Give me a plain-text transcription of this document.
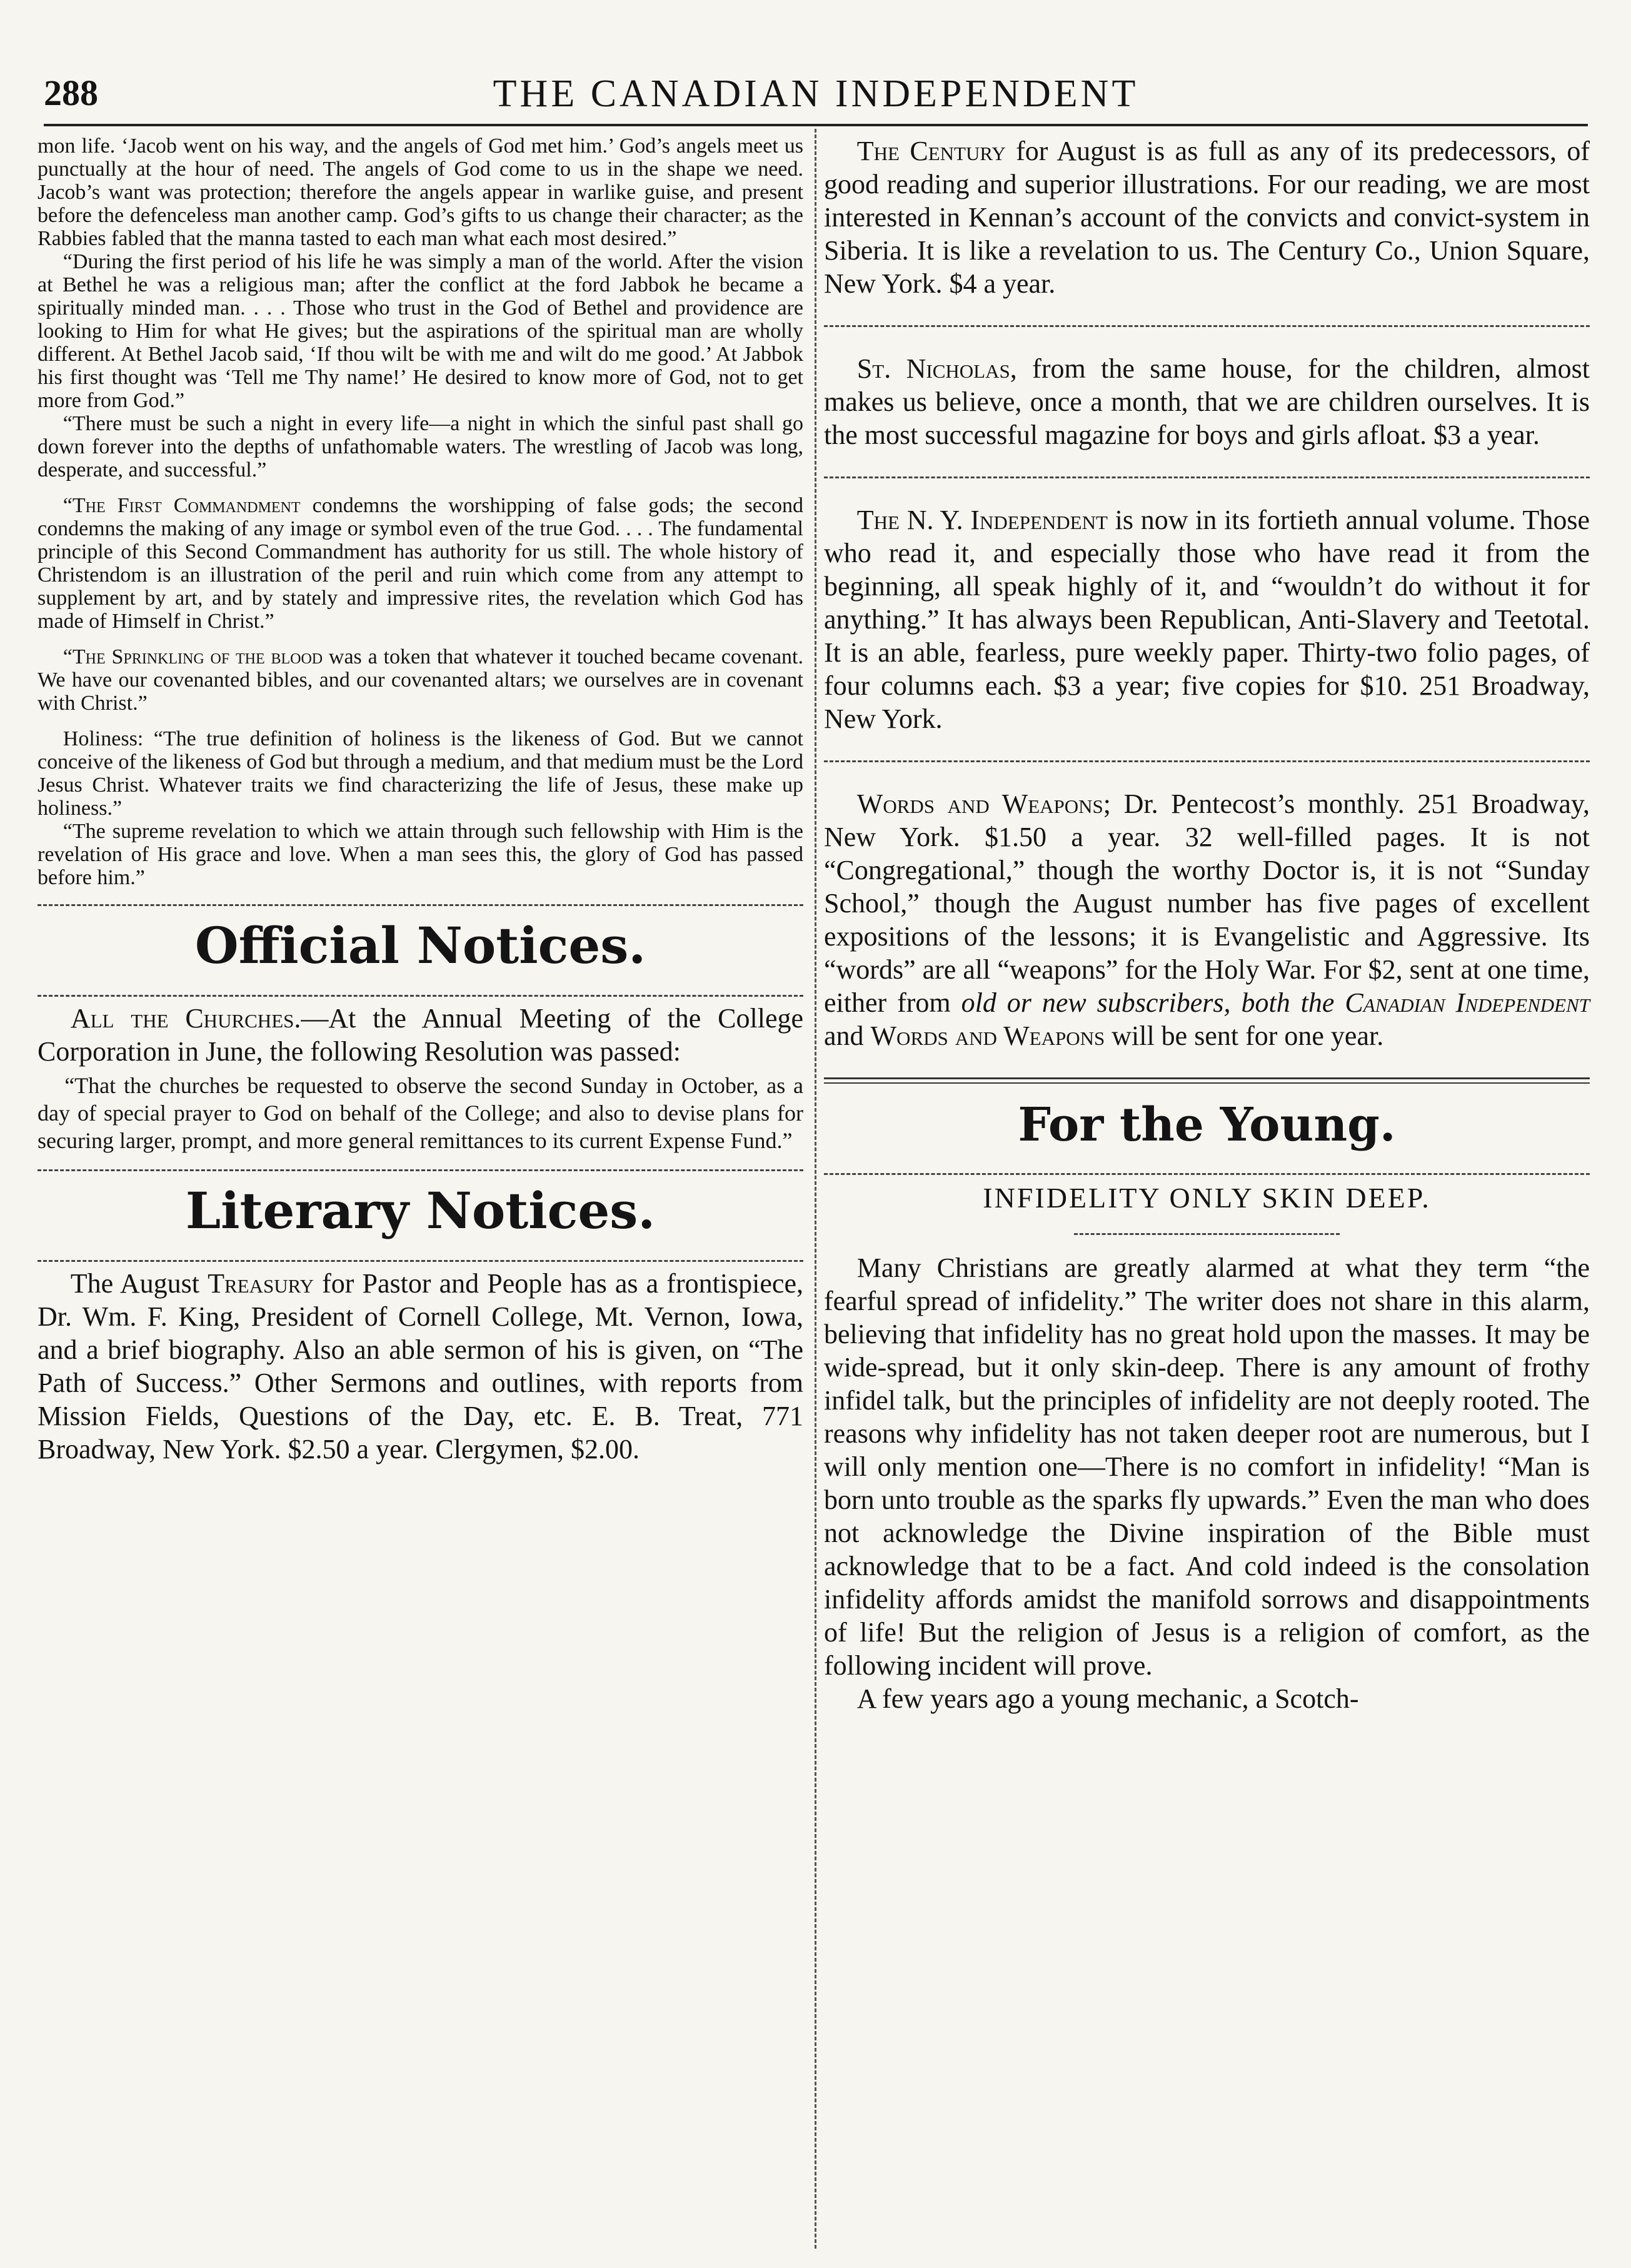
288	THE CANADIAN INDEPENDENT

mon life. ‘Jacob went on his way, and the angels of God met him.’ God’s angels meet us punctually at the hour of need. The angels of God come to us in the shape we need. Jacob’s want was protection; therefore the angels appear in warlike guise, and present before the defenceless man another camp. God’s gifts to us change their character; as the Rabbies fabled that the manna tasted to each man what each most desired.”

“During the first period of his life he was simply a man of the world. After the vision at Bethel he was a religious man; after the conflict at the ford Jabbok he became a spiritually minded man. . . . Those who trust in the God of Bethel and providence are looking to Him for what He gives; but the aspirations of the spiritual man are wholly different. At Bethel Jacob said, ‘If thou wilt be with me and wilt do me good.’ At Jabbok his first thought was ‘Tell me Thy name!’ He desired to know more of God, not to get more from God.”

“There must be such a night in every life—a night in which the sinful past shall go down forever into the depths of unfathomable waters. The wrestling of Jacob was long, desperate, and successful.”

“The First Commandment condemns the worshipping of false gods; the second condemns the making of any image or symbol even of the true God. . . . The fundamental principle of this Second Commandment has authority for us still. The whole history of Christendom is an illustration of the peril and ruin which come from any attempt to supplement by art, and by stately and impressive rites, the revelation which God has made of Himself in Christ.”

“The Sprinkling of the blood was a token that whatever it touched became covenant. We have our covenanted bibles, and our covenanted altars; we ourselves are in covenant with Christ.”

Holiness: “The true definition of holiness is the likeness of God. But we cannot conceive of the likeness of God but through a medium, and that medium must be the Lord Jesus Christ. Whatever traits we find characterizing the life of Jesus, these make up holiness.”

“The supreme revelation to which we attain through such fellowship with Him is the revelation of His grace and love. When a man sees this, the glory of God has passed before him.”

Official Notices.

All the Churches.—At the Annual Meeting of the College Corporation in June, the following Resolution was passed:

“That the churches be requested to observe the second Sunday in October, as a day of special prayer to God on behalf of the College; and also to devise plans for securing larger, prompt, and more general remittances to its current Expense Fund.”

Literary Notices.

The August Treasury for Pastor and People has as a frontispiece, Dr. Wm. F. King, President of Cornell College, Mt. Vernon, Iowa, and a brief biography. Also an able sermon of his is given, on “The Path of Success.” Other Sermons and outlines, with reports from Mission Fields, Questions of the Day, etc. E. B. Treat, 771 Broadway, New York. $2.50 a year. Clergymen, $2.00.

The Century for August is as full as any of its predecessors, of good reading and superior illustrations. For our reading, we are most interested in Kennan’s account of the convicts and convict-system in Siberia. It is like a revelation to us. The Century Co., Union Square, New York. $4 a year.

St. Nicholas, from the same house, for the children, almost makes us believe, once a month, that we are children ourselves. It is the most successful magazine for boys and girls afloat. $3 a year.

The N. Y. Independent is now in its fortieth annual volume. Those who read it, and especially those who have read it from the beginning, all speak highly of it, and “wouldn’t do without it for anything.” It has always been Republican, Anti-Slavery and Teetotal. It is an able, fearless, pure weekly paper. Thirty-two folio pages, of four columns each. $3 a year; five copies for $10. 251 Broadway, New York.

Words and Weapons; Dr. Pentecost’s monthly. 251 Broadway, New York. $1.50 a year. 32 well-filled pages. It is not “Congregational,” though the worthy Doctor is, it is not “Sunday School,” though the August number has five pages of excellent expositions of the lessons; it is Evangelistic and Aggressive. Its “words” are all “weapons” for the Holy War. For $2, sent at one time, either from old or new subscribers, both the Canadian Independent and Words and Weapons will be sent for one year.

For the Young.
INFIDELITY ONLY SKIN DEEP.

Many Christians are greatly alarmed at what they term “the fearful spread of infidelity.” The writer does not share in this alarm, believing that infidelity has no great hold upon the masses. It may be wide-spread, but it only skin-deep. There is any amount of frothy infidel talk, but the principles of infidelity are not deeply rooted. The reasons why infidelity has not taken deeper root are numerous, but I will only mention one—There is no comfort in infidelity! “Man is born unto trouble as the sparks fly upwards.” Even the man who does not acknowledge the Divine inspiration of the Bible must acknowledge that to be a fact. And cold indeed is the consolation infidelity affords amidst the manifold sorrows and disappointments of life! But the religion of Jesus is a religion of comfort, as the following incident will prove.

A few years ago a young mechanic, a Scotch-
